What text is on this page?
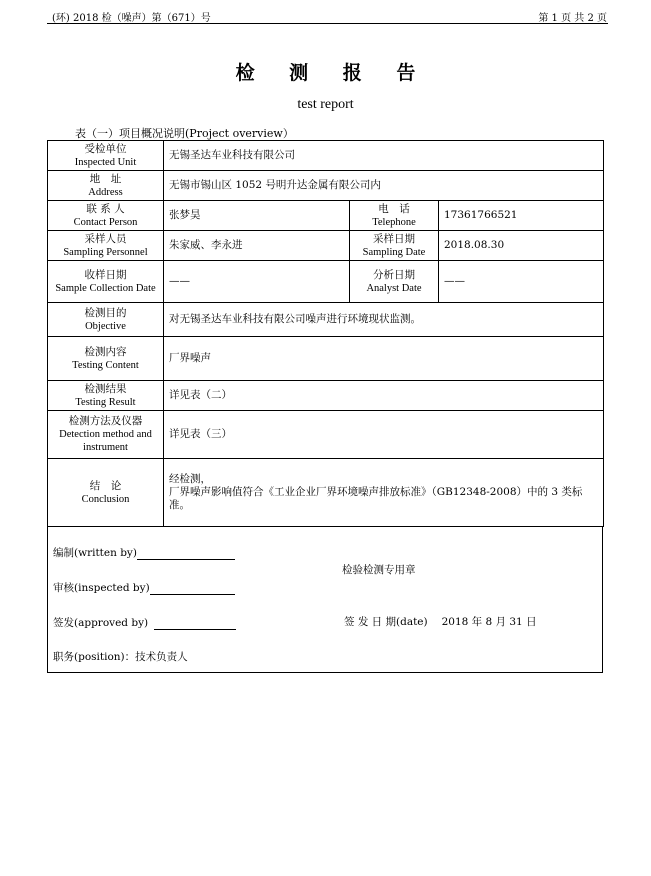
(环) 2018 检（噪声）第（671）号	第 1 页 共 2 页
检 测 报 告
test report
表（一）项目概况说明(Project overview）
受检单位
Inspected Unit	无锡圣达车业科技有限公司		

地　址
Address	无锡市锡山区 1052 号明升达金属有限公司内		

联 系 人
Contact Person	张梦昊	电　话
Telephone	17361766521

采样人员
Sampling Personnel	朱家威、李永进	采样日期
Sampling Date	2018.08.30

收样日期
Sample Collection Date	——	分析日期
Analyst Date	——

检测目的
Objective	对无锡圣达车业科技有限公司噪声进行环境现状监测。		

检测内容
Testing Content	厂界噪声		

检测结果
Testing Result	详见表（二）		

检测方法及仪器
Detection method and instrument	详见表（三）		

结　论
Conclusion	经检测，
厂界噪声影响值符合《工业企业厂界环境噪声排放标准》（GB12348-2008）中的 3 类标准。		
编制(written by)
检验检测专用章
审核(inspected by)
签发(approved by)	签 发 日 期(date) 2018 年 8 月 31 日
职务(position)：技术负责人
